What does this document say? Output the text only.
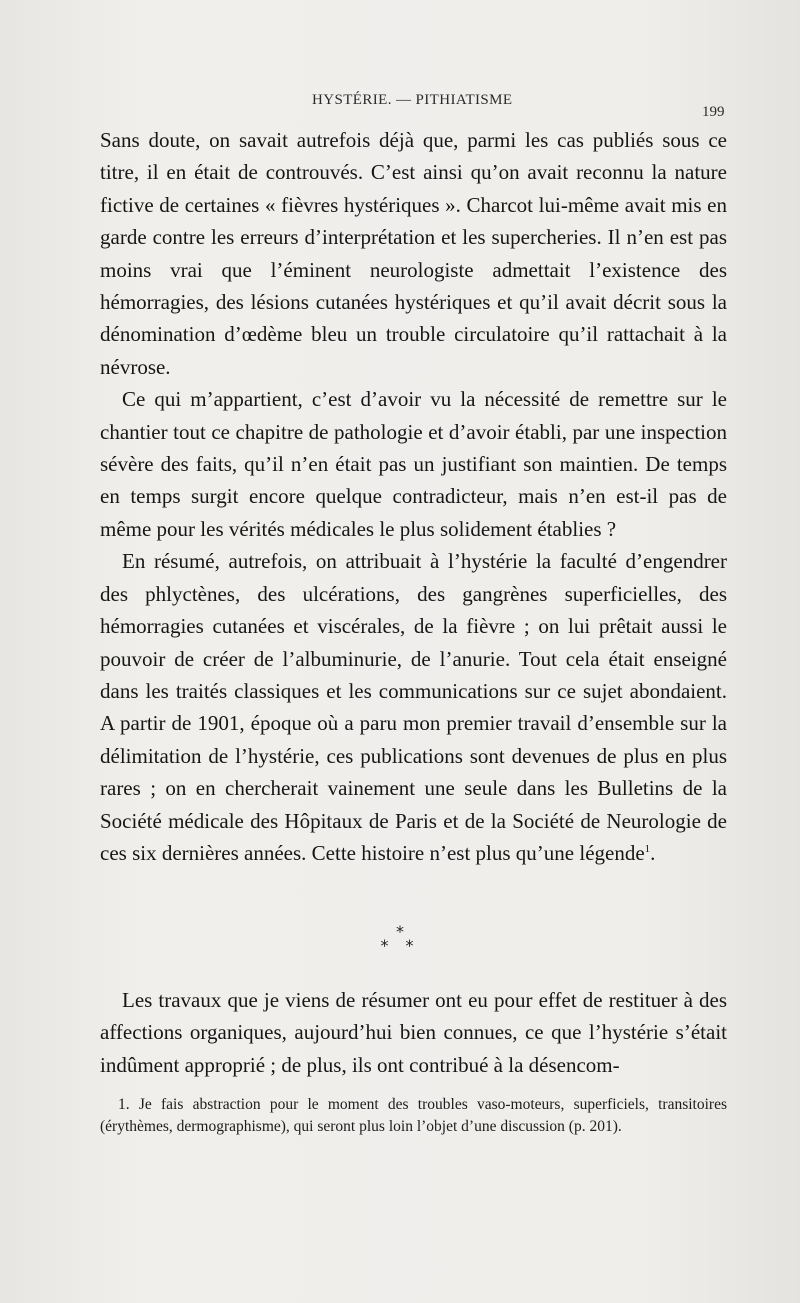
HYSTÉRIE. — PITHIATISME
199

Sans doute, on savait autrefois déjà que, parmi les cas publiés sous ce titre, il en était de controuvés. C’est ainsi qu’on avait reconnu la nature fictive de certaines « fièvres hystériques ». Charcot lui-même avait mis en garde contre les erreurs d’interprétation et les supercheries. Il n’en est pas moins vrai que l’éminent neurologiste admettait l’existence des hémorragies, des lésions cutanées hystériques et qu’il avait décrit sous la dénomination d’œdème bleu un trouble circulatoire qu’il rattachait à la névrose.

Ce qui m’appartient, c’est d’avoir vu la nécessité de remettre sur le chantier tout ce chapitre de pathologie et d’avoir établi, par une inspection sévère des faits, qu’il n’en était pas un justifiant son maintien. De temps en temps surgit encore quelque contradicteur, mais n’en est-il pas de même pour les vérités médicales le plus solidement établies ?

En résumé, autrefois, on attribuait à l’hystérie la faculté d’engendrer des phlyctènes, des ulcérations, des gangrènes superficielles, des hémorragies cutanées et viscérales, de la fièvre ; on lui prêtait aussi le pouvoir de créer de l’albuminurie, de l’anurie. Tout cela était enseigné dans les traités classiques et les communications sur ce sujet abondaient. A partir de 1901, époque où a paru mon premier travail d’ensemble sur la délimitation de l’hystérie, ces publications sont devenues de plus en plus rares ; on en chercherait vainement une seule dans les Bulletins de la Société médicale des Hôpitaux de Paris et de la Société de Neurologie de ces six dernières années. Cette histoire n’est plus qu’une légende$^1$.

*
* *

Les travaux que je viens de résumer ont eu pour effet de restituer à des affections organiques, aujourd’hui bien connues, ce que l’hystérie s’était indûment approprié ; de plus, ils ont contribué à la désencom-

1. Je fais abstraction pour le moment des troubles vaso-moteurs, superficiels, transitoires (érythèmes, dermographisme), qui seront plus loin l’objet d’une discussion (p. 201).
